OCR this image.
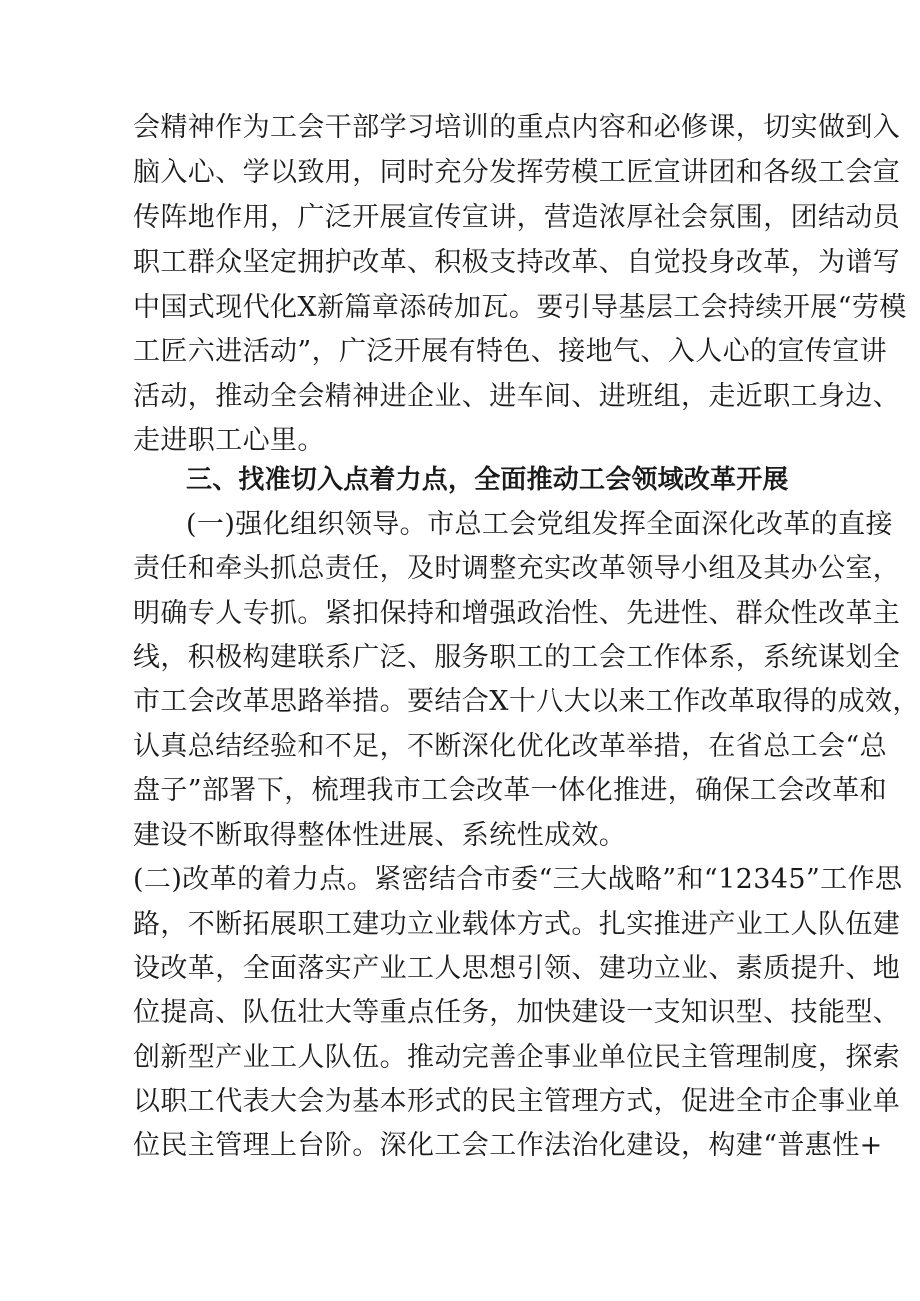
会精神作为工会干部学习培训的重点内容和必修课，切实做到入
脑入心、学以致用，同时充分发挥劳模工匠宣讲团和各级工会宣
传阵地作用，广泛开展宣传宣讲，营造浓厚社会氛围，团结动员
职工群众坚定拥护改革、积极支持改革、自觉投身改革，为谱写
中国式现代化X新篇章添砖加瓦。要引导基层工会持续开展“劳模
工匠六进活动”，广泛开展有特色、接地气、入人心的宣传宣讲
活动，推动全会精神进企业、进车间、进班组，走近职工身边、
走进职工心里。
三、找准切入点着力点，全面推动工会领域改革开展
(一)强化组织领导。市总工会党组发挥全面深化改革的直接
责任和牵头抓总责任，及时调整充实改革领导小组及其办公室，
明确专人专抓。紧扣保持和增强政治性、先进性、群众性改革主
线，积极构建联系广泛、服务职工的工会工作体系，系统谋划全
市工会改革思路举措。要结合X十八大以来工作改革取得的成效，
认真总结经验和不足，不断深化优化改革举措，在省总工会“总
盘子”部署下，梳理我市工会改革一体化推进，确保工会改革和
建设不断取得整体性进展、系统性成效。
(二)改革的着力点。紧密结合市委“三大战略”和“12345”工作思
路，不断拓展职工建功立业载体方式。扎实推进产业工人队伍建
设改革，全面落实产业工人思想引领、建功立业、素质提升、地
位提高、队伍壮大等重点任务，加快建设一支知识型、技能型、
创新型产业工人队伍。推动完善企事业单位民主管理制度，探索
以职工代表大会为基本形式的民主管理方式，促进全市企事业单
位民主管理上台阶。深化工会工作法治化建设，构建“普惠性+
